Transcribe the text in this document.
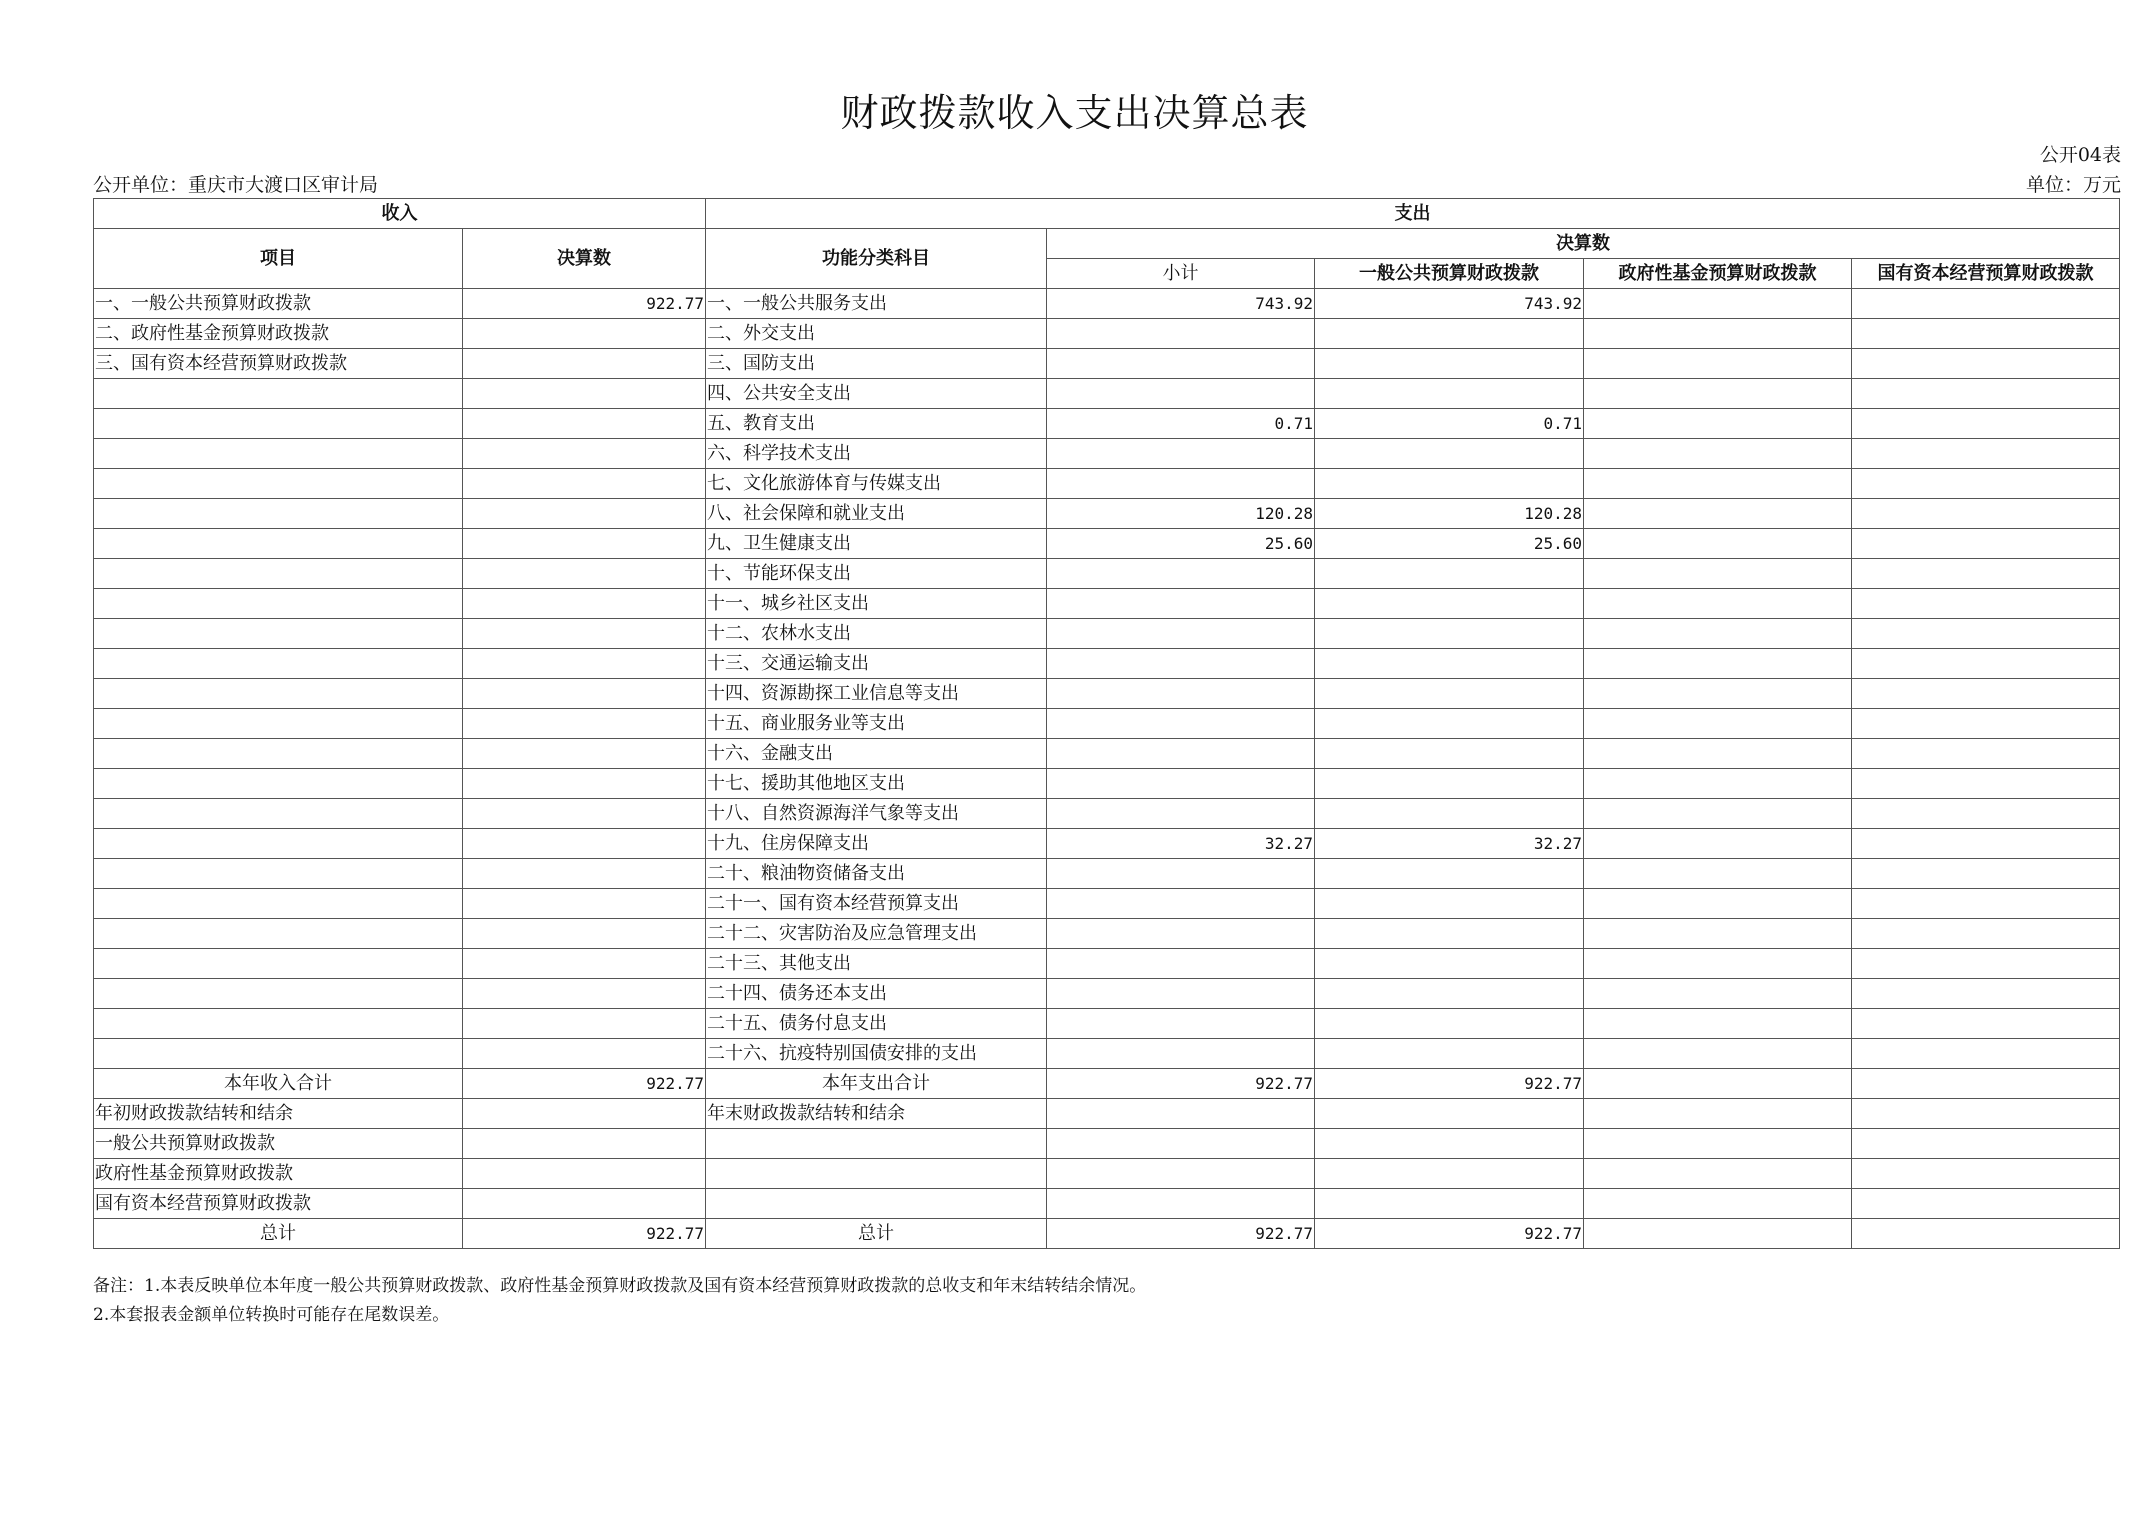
财政拨款收入支出决算总表
公开04表
公开单位：重庆市大渡口区审计局	单位：万元
收入		支出				
项目	决算数	功能分类科目	决算数			
			小计	一般公共预算财政拨款	政府性基金预算财政拨款	国有资本经营预算财政拨款
一、一般公共预算财政拨款	922.77	一、一般公共服务支出	743.92	743.92		
二、政府性基金预算财政拨款		二、外交支出				
三、国有资本经营预算财政拨款		三、国防支出				
		四、公共安全支出				
		五、教育支出	0.71	0.71		
		六、科学技术支出				
		七、文化旅游体育与传媒支出				
		八、社会保障和就业支出	120.28	120.28		
		九、卫生健康支出	25.60	25.60		
		十、节能环保支出				
		十一、城乡社区支出				
		十二、农林水支出				
		十三、交通运输支出				
		十四、资源勘探工业信息等支出				
		十五、商业服务业等支出				
		十六、金融支出				
		十七、援助其他地区支出				
		十八、自然资源海洋气象等支出				
		十九、住房保障支出	32.27	32.27		
		二十、粮油物资储备支出				
		二十一、国有资本经营预算支出				
		二十二、灾害防治及应急管理支出				
		二十三、其他支出				
		二十四、债务还本支出				
		二十五、债务付息支出				
		二十六、抗疫特别国债安排的支出				
本年收入合计	922.77	本年支出合计	922.77	922.77		
年初财政拨款结转和结余		年末财政拨款结转和结余				
一般公共预算财政拨款						
政府性基金预算财政拨款						
国有资本经营预算财政拨款						
总计	922.77	总计	922.77	922.77		
备注：1.本表反映单位本年度一般公共预算财政拨款、政府性基金预算财政拨款及国有资本经营预算财政拨款的总收支和年末结转结余情况。
2.本套报表金额单位转换时可能存在尾数误差。
